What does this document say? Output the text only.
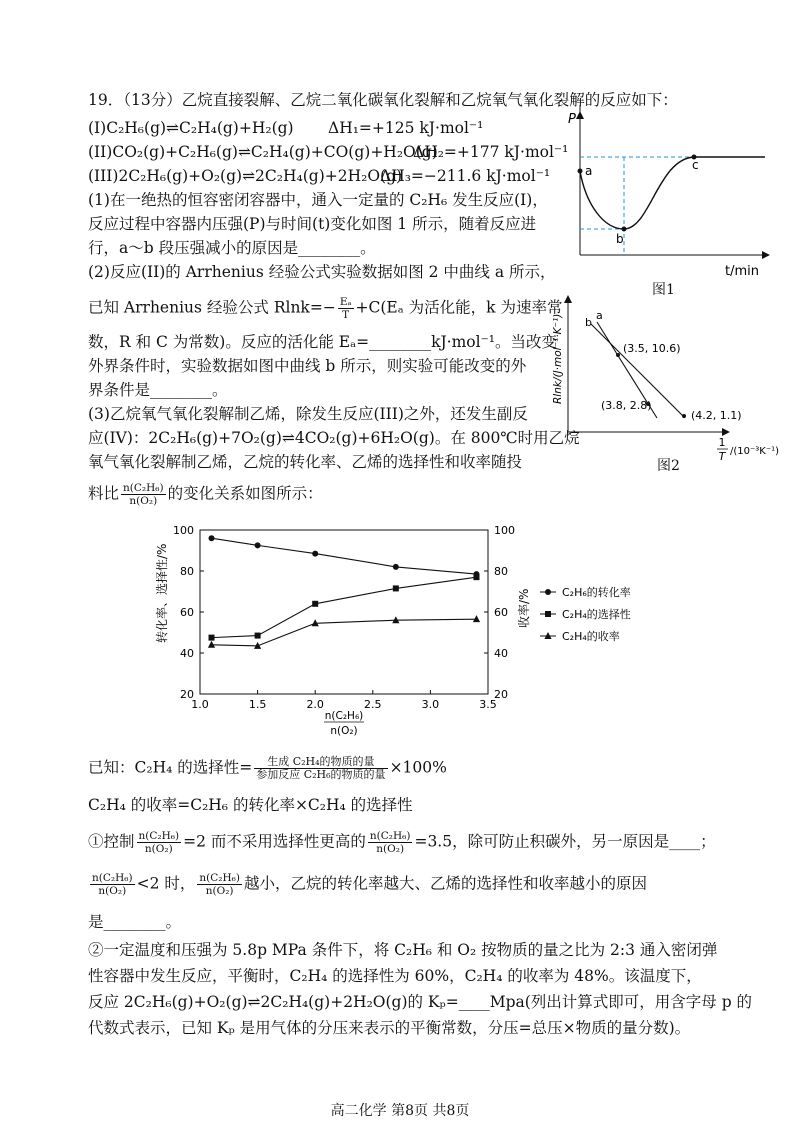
19．（13分）乙烷直接裂解、乙烷二氧化碳氧化裂解和乙烷氧气氧化裂解的反应如下：
(I)C₂H₆(g)⇌C₂H₄(g)+H₂(g) ΔH₁=+125 kJ·mol⁻¹
(II)CO₂(g)+C₂H₆(g)⇌C₂H₄(g)+CO(g)+H₂O(g)
ΔH₂=+177 kJ·mol⁻¹
(III)2C₂H₆(g)+O₂(g)⇌2C₂H₄(g)+2H₂O(g)
ΔH₃=−211.6 kJ·mol⁻¹
(1)在一绝热的恒容密闭容器中，通入一定量的 C₂H₆ 发生反应(I)，
反应过程中容器内压强(P)与时间(t)变化如图 1 所示，随着反应进
行，a～b 段压强减小的原因是________。
(2)反应(II)的 Arrhenius 经验公式实验数据如图 2 中曲线 a 所示，
已知 Arrhenius 经验公式 $Rlnk=- \frac{\text{Eₐ}}{T} +C(E_a$ 为活化能，k 为速率常
数，R 和 C 为常数)。反应的活化能 Eₐ=________kJ·mol⁻¹。当改变
外界条件时，实验数据如图中曲线 b 所示，则实验可能改变的外
界条件是________。
(3)乙烷氧气氧化裂解制乙烯，除发生反应(III)之外，还发生副反
应(IV)：2C₂H₆(g)+7O₂(g)⇌4CO₂(g)+6H₂O(g)。在 800℃时用乙烷
氧气氧化裂解制乙烯，乙烷的转化率、乙烯的选择性和收率随投
料比 $\frac{\text{n(C₂H₆)}}{\text{n(O₂)}}$ 的变化关系如图所示：
P
t/min
a
b
c
图1
Rlnk/(J·mol⁻¹·K⁻¹)	a
b
(3.5, 10.6)
(3.8, 2.8)
(4.2, 1.1)
1
T /(10⁻³K⁻¹)
图2
转化率、选择性/%	收率/%
n(C₂H₆)
n(O₂)
1.0	1.5	2.0	2.5	3.0	3.5
20
40
60
80
100
20
40
60
80
100
C₂H₆的转化率
C₂H₄的选择性
C₂H₄的收率
已知：C₂H₄ 的选择性= $\frac{\text{生成 C₂H₄的物质的量}}{\text{参加反应 C₂H₆的物质的量}} \times 100\%$
C₂H₄ 的收率=C₂H₆ 的转化率×C₂H₄ 的选择性
①控制 $\frac{\text{n(C₂H₆)}}{\text{n(O₂)}} =2$ 而不采用选择性更高的 $\frac{\text{n(C₂H₆)}}{\text{n(O₂)}} =3.5$，除可防止积碳外，另一原因是____；
$\frac{\text{n(C₂H₆)}}{\text{n(O₂)}} <2$ 时， $\frac{\text{n(C₂H₆)}}{\text{n(O₂)}}$ 越小，乙烷的转化率越大、乙烯的选择性和收率越小的原因
是________。
②一定温度和压强为 5.8p MPa 条件下，将 C₂H₆ 和 O₂ 按物质的量之比为 2:3 通入密闭弹
性容器中发生反应，平衡时，C₂H₄ 的选择性为 60%，C₂H₄ 的收率为 48%。该温度下，
反应 2C₂H₆(g)+O₂(g)⇌2C₂H₄(g)+2H₂O(g)的 Kₚ=____Mpa(列出计算式即可，用含字母 p 的
代数式表示，已知 Kₚ 是用气体的分压来表示的平衡常数，分压=总压×物质的量分数)。
高二化学 第8页 共8页
